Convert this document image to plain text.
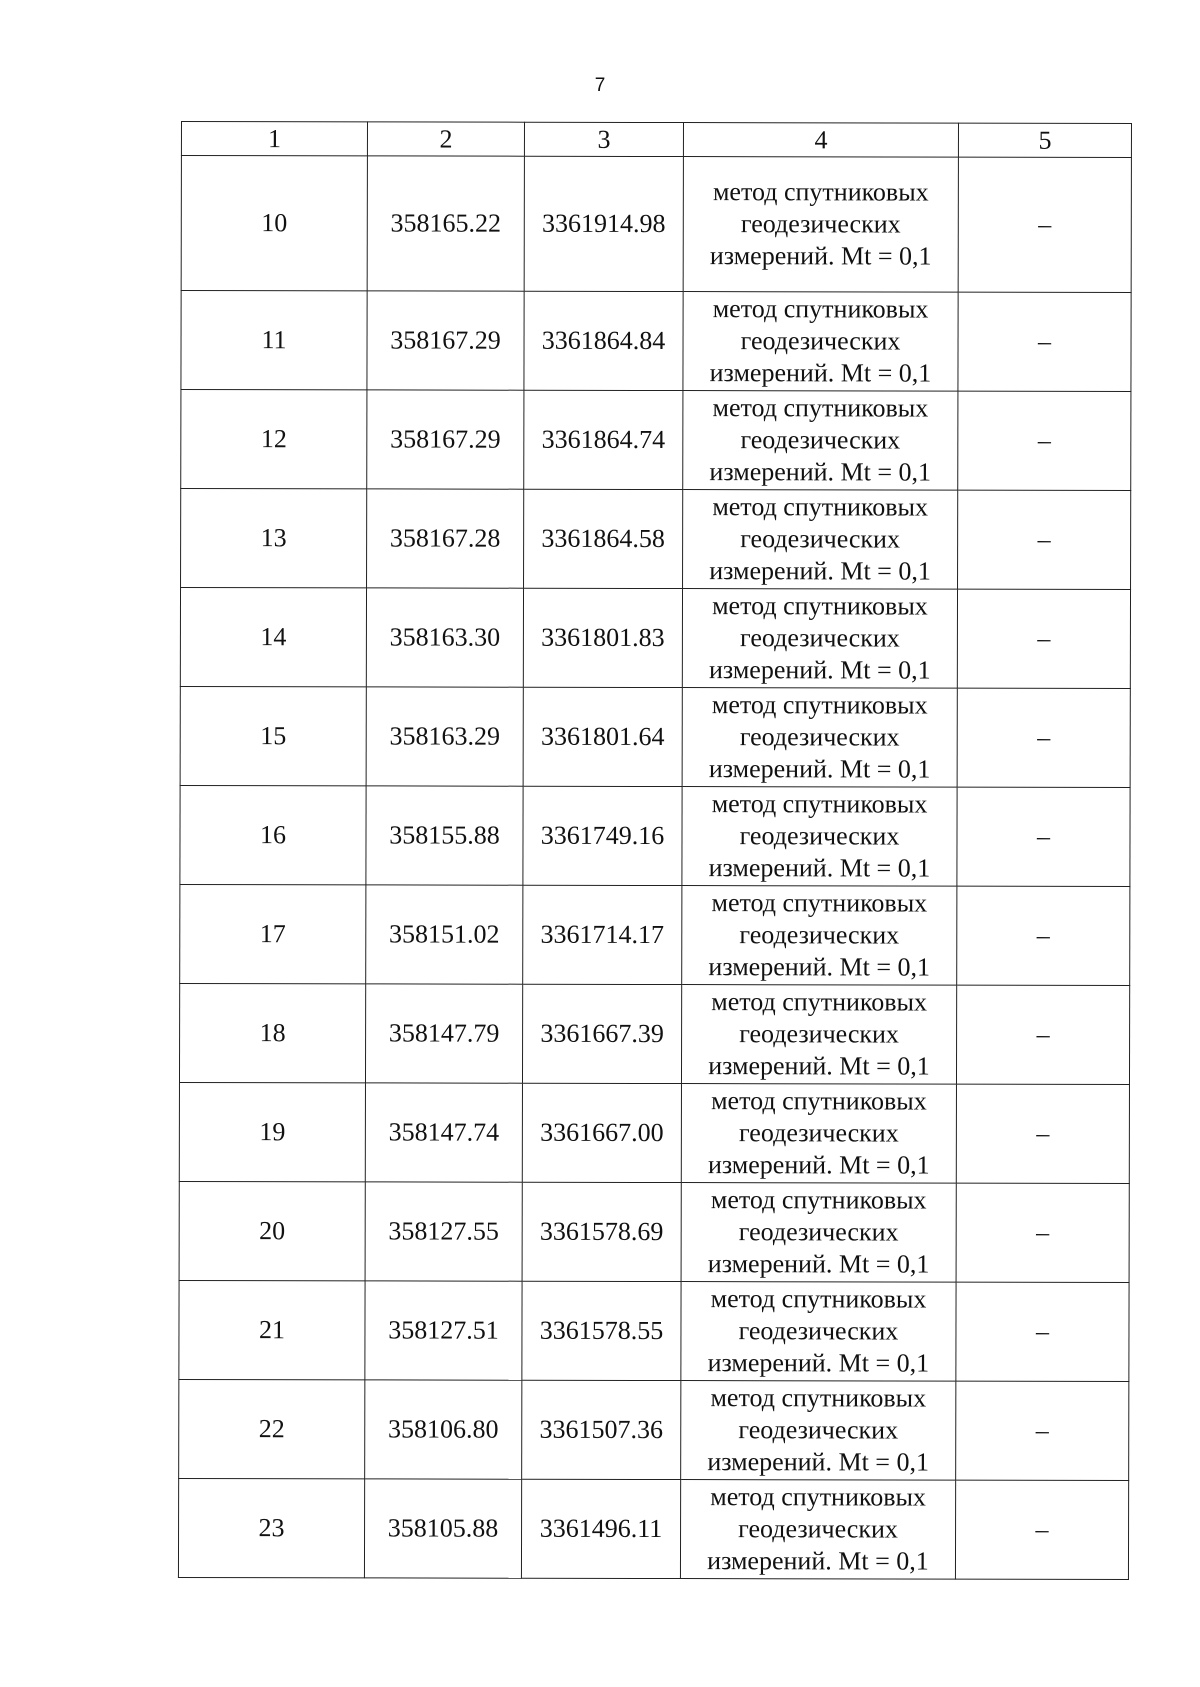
7
1	2	3	4	5
10	358165.22	3361914.98	метод спутниковых
геодезических
измерений. Mt = 0,1	–
11	358167.29	3361864.84	метод спутниковых
геодезических
измерений. Mt = 0,1	–
12	358167.29	3361864.74	метод спутниковых
геодезических
измерений. Mt = 0,1	–
13	358167.28	3361864.58	метод спутниковых
геодезических
измерений. Mt = 0,1	–
14	358163.30	3361801.83	метод спутниковых
геодезических
измерений. Mt = 0,1	–
15	358163.29	3361801.64	метод спутниковых
геодезических
измерений. Mt = 0,1	–
16	358155.88	3361749.16	метод спутниковых
геодезических
измерений. Mt = 0,1	–
17	358151.02	3361714.17	метод спутниковых
геодезических
измерений. Mt = 0,1	–
18	358147.79	3361667.39	метод спутниковых
геодезических
измерений. Mt = 0,1	–
19	358147.74	3361667.00	метод спутниковых
геодезических
измерений. Mt = 0,1	–
20	358127.55	3361578.69	метод спутниковых
геодезических
измерений. Mt = 0,1	–
21	358127.51	3361578.55	метод спутниковых
геодезических
измерений. Mt = 0,1	–
22	358106.80	3361507.36	метод спутниковых
геодезических
измерений. Mt = 0,1	–
23	358105.88	3361496.11	метод спутниковых
геодезических
измерений. Mt = 0,1	–
